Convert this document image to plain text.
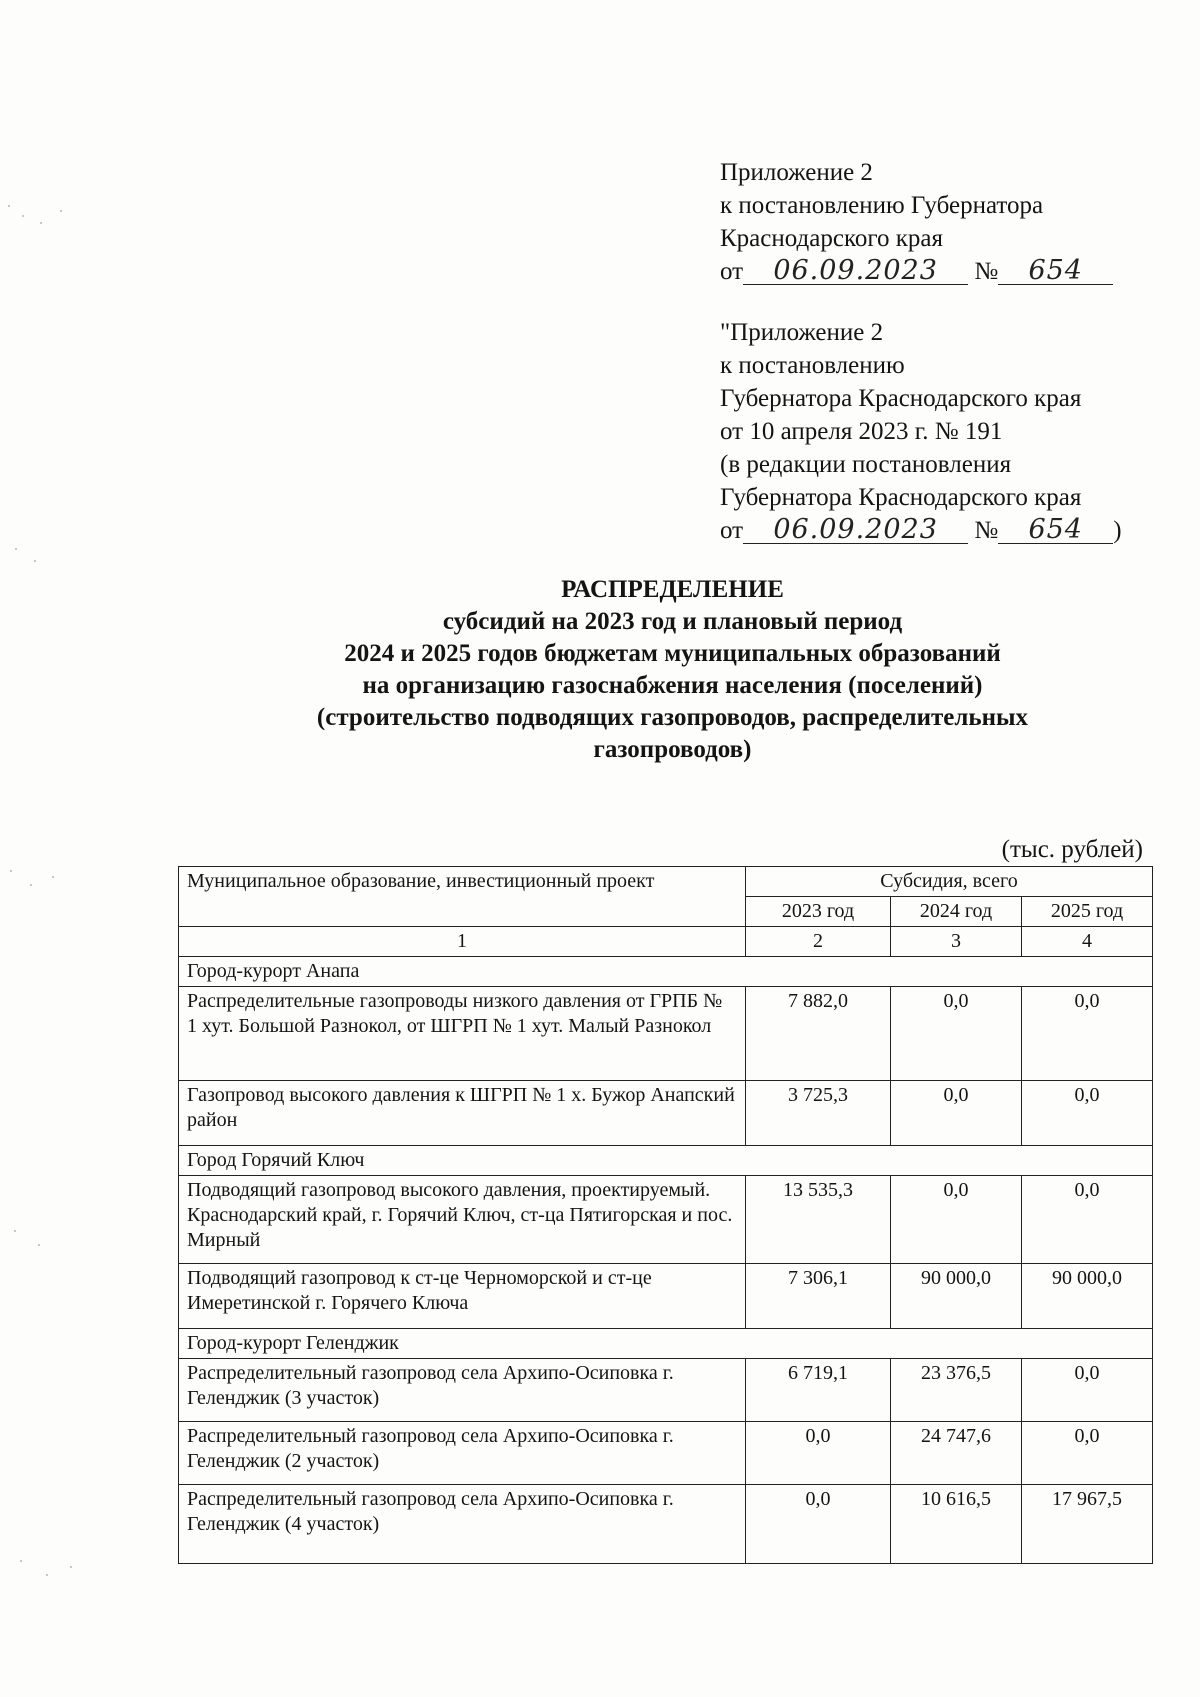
Приложение 2
к постановлению Губернатора
Краснодарского края
от 06.09.2023 № 654
"Приложение 2
к постановлению
Губернатора Краснодарского края
от 10 апреля 2023 г. № 191
(в редакции постановления
Губернатора Краснодарского края
от 06.09.2023 № 654 )
РАСПРЕДЕЛЕНИЕ
субсидий на 2023 год и плановый период
2024 и 2025 годов бюджетам муниципальных образований
на организацию газоснабжения населения (поселений)
(строительство подводящих газопроводов, распределительных
газопроводов)
(тыс. рублей)
Муниципальное образование, инвестиционный проект	Субсидия, всего		
	2023 год	2024 год	2025 год
1	2	3	4
Город-курорт Анапа			
Распределительные газопроводы низкого давления от ГРПБ № 1 хут. Большой Разнокол, от ШГРП № 1 хут. Малый Разнокол	7 882,0	0,0	0,0
Газопровод высокого давления к ШГРП № 1 х. Бужор Анапский район	3 725,3	0,0	0,0
Город Горячий Ключ			
Подводящий газопровод высокого давления, проектируемый. Краснодарский край, г. Горячий Ключ, ст-ца Пятигорская и пос. Мирный	13 535,3	0,0	0,0
Подводящий газопровод к ст-це Черноморской и ст-це Имеретинской г. Горячего Ключа	7 306,1	90 000,0	90 000,0
Город-курорт Геленджик			
Распределительный газопровод села Архипо-Осиповка г. Геленджик (3 участок)	6 719,1	23 376,5	0,0
Распределительный газопровод села Архипо-Осиповка г. Геленджик (2 участок)	0,0	24 747,6	0,0
Распределительный газопровод села Архипо-Осиповка г. Геленджик (4 участок)	0,0	10 616,5	17 967,5
